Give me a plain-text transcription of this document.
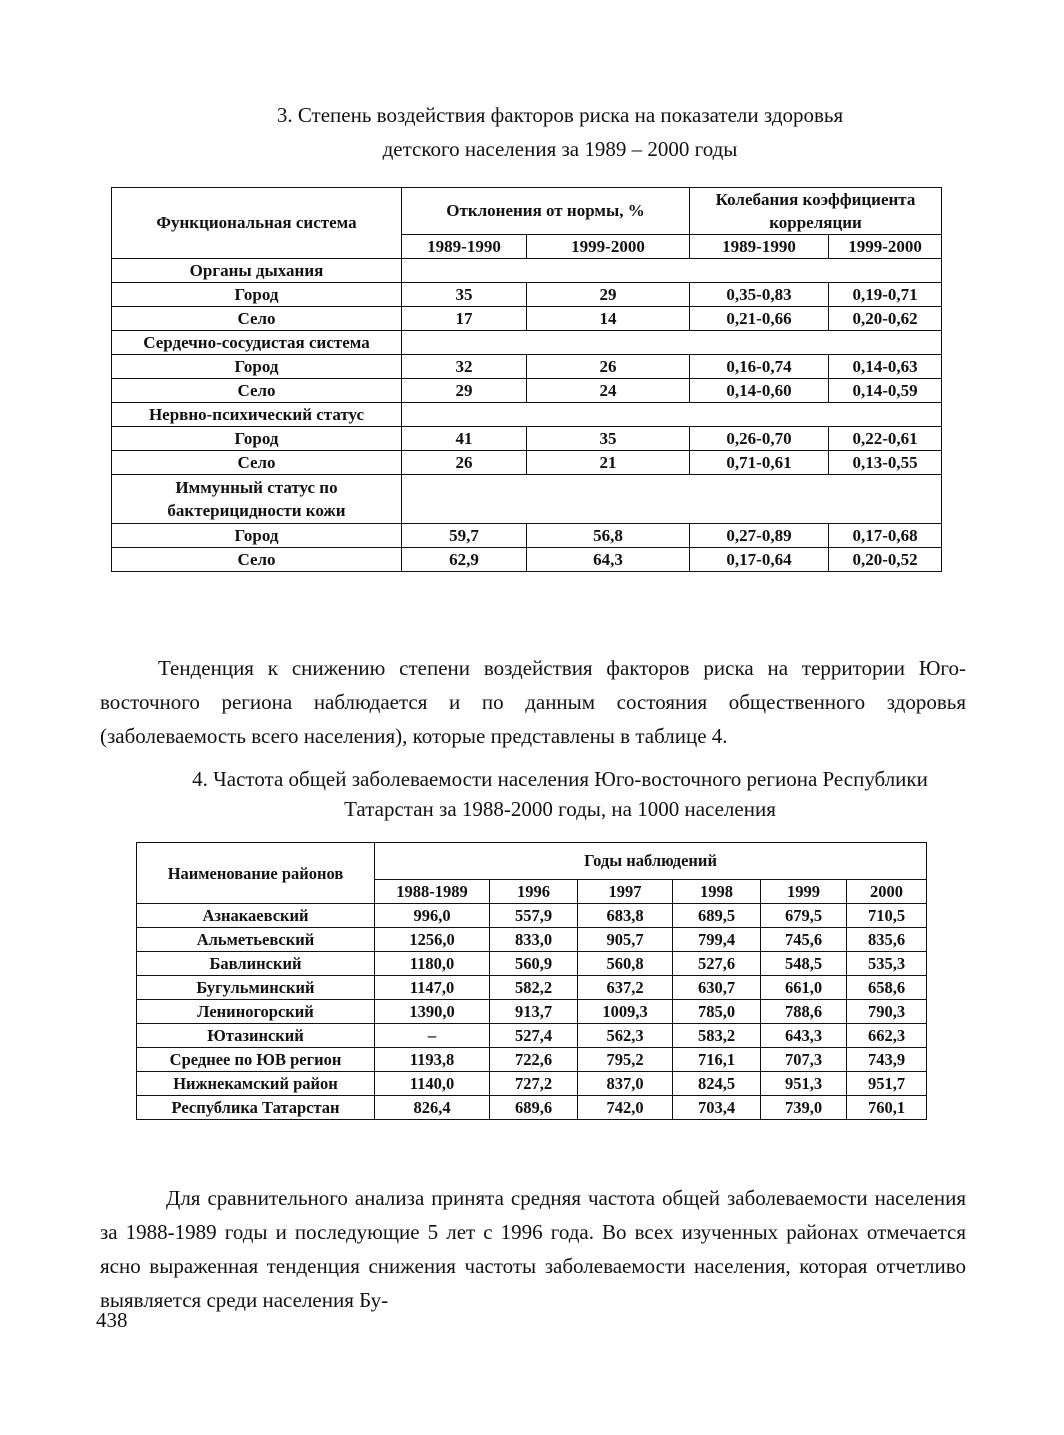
3. Степень воздействия факторов риска на показатели здоровья
детского населения за 1989 – 2000 годы
Функциональная система	Отклонения от нормы, %		Колебания коэффициента корреляции	
	1989-1990	1999-2000	1989-1990	1999-2000
Органы дыхания				
Город	35	29	0,35-0,83	0,19-0,71
Село	17	14	0,21-0,66	0,20-0,62
Сердечно-сосудистая система				
Город	32	26	0,16-0,74	0,14-0,63
Село	29	24	0,14-0,60	0,14-0,59
Нервно-психический статус				
Город	41	35	0,26-0,70	0,22-0,61
Село	26	21	0,71-0,61	0,13-0,55
Иммунный статус по бактерицидности кожи				
Город	59,7	56,8	0,27-0,89	0,17-0,68
Село	62,9	64,3	0,17-0,64	0,20-0,52

Тенденция к снижению степени воздействия факторов риска на территории Юго-восточного региона наблюдается и по данным состояния общественного здоровья (заболеваемость всего населения), которые представлены в таблице 4.

4. Частота общей заболеваемости населения Юго-восточного региона Республики Татарстан за 1988-2000 годы, на 1000 населения
Наименование районов	Годы наблюдений					
	1988-1989	1996	1997	1998	1999	2000
Азнакаевский	996,0	557,9	683,8	689,5	679,5	710,5
Альметьевский	1256,0	833,0	905,7	799,4	745,6	835,6
Бавлинский	1180,0	560,9	560,8	527,6	548,5	535,3
Бугульминский	1147,0	582,2	637,2	630,7	661,0	658,6
Лениногорский	1390,0	913,7	1009,3	785,0	788,6	790,3
Ютазинский	–	527,4	562,3	583,2	643,3	662,3
Среднее по ЮВ регион	1193,8	722,6	795,2	716,1	707,3	743,9
Нижнекамский район	1140,0	727,2	837,0	824,5	951,3	951,7
Республика Татарстан	826,4	689,6	742,0	703,4	739,0	760,1

Для сравнительного анализа принята средняя частота общей заболеваемости населения за 1988-1989 годы и последующие 5 лет с 1996 года. Во всех изученных районах отмечается ясно выраженная тенденция снижения частоты заболеваемости населения, которая отчетливо выявляется среди населения Бу-

438
